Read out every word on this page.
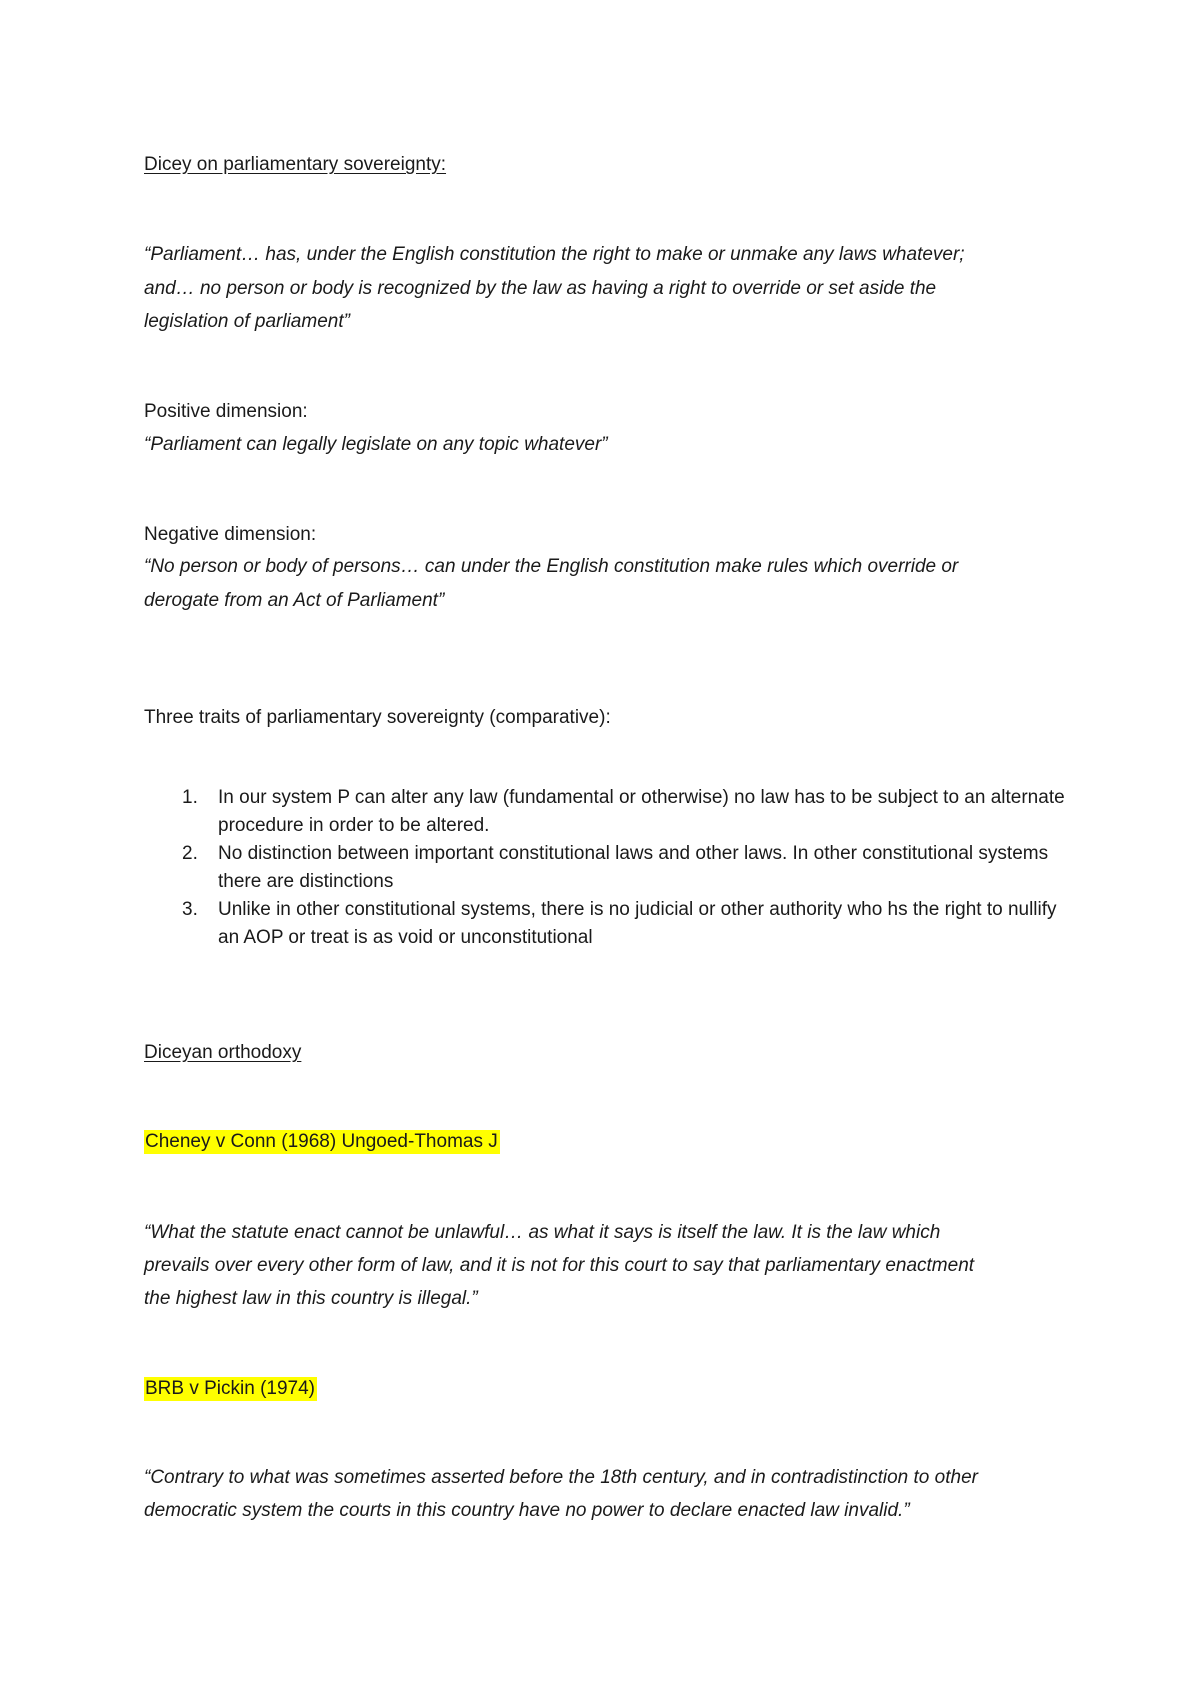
Dicey on parliamentary sovereignty:
“Parliament… has, under the English constitution the right to make or unmake any laws whatever;
and… no person or body is recognized by the law as having a right to override or set aside the
legislation of parliament”
Positive dimension:
“Parliament can legally legislate on any topic whatever”
Negative dimension:
“No person or body of persons… can under the English constitution make rules which override or
derogate from an Act of Parliament”
Three traits of parliamentary sovereignty (comparative):
1. In our system P can alter any law (fundamental or otherwise) no law has to be subject to an alternate procedure in order to be altered.
2. No distinction between important constitutional laws and other laws. In other constitutional systems there are distinctions
3. Unlike in other constitutional systems, there is no judicial or other authority who hs the right to nullify an AOP or treat is as void or unconstitutional
Diceyan orthodoxy
Cheney v Conn (1968) Ungoed-Thomas J
“What the statute enact cannot be unlawful… as what it says is itself the law. It is the law which
prevails over every other form of law, and it is not for this court to say that parliamentary enactment
the highest law in this country is illegal.”
BRB v Pickin (1974)
“Contrary to what was sometimes asserted before the 18th century, and in contradistinction to other
democratic system the courts in this country have no power to declare enacted law invalid.”
